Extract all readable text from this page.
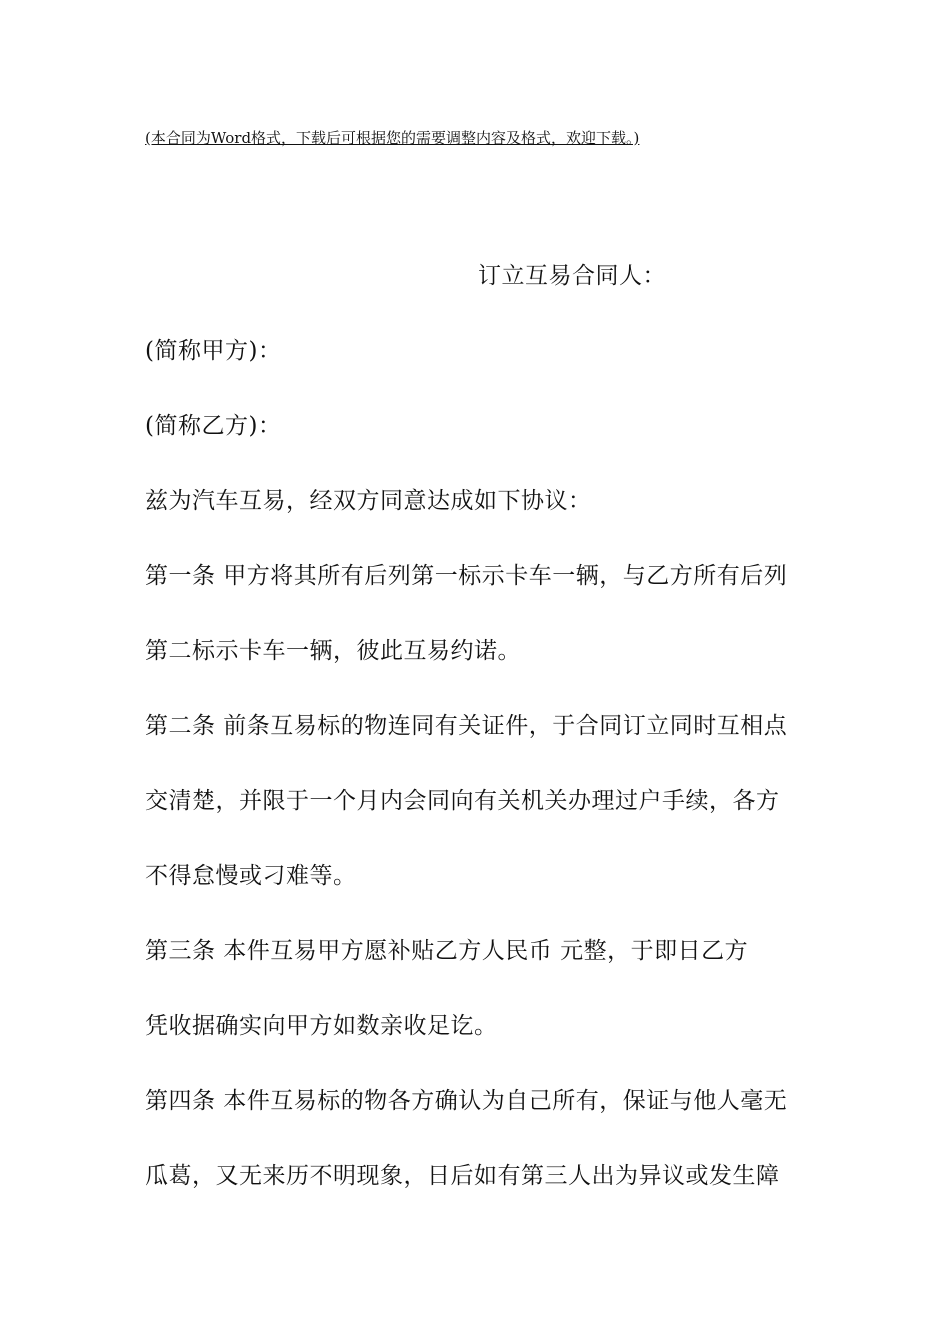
(本合同为Word格式，下载后可根据您的需要调整内容及格式，欢迎下载。)
订立互易合同人：
(简称甲方)：
(简称乙方)：
兹为汽车互易，经双方同意达成如下协议：
第一条 甲方将其所有后列第一标示卡车一辆，与乙方所有后列
第二标示卡车一辆，彼此互易约诺。
第二条 前条互易标的物连同有关证件，于合同订立同时互相点
交清楚，并限于一个月内会同向有关机关办理过户手续，各方
不得怠慢或刁难等。
第三条 本件互易甲方愿补贴乙方人民币 元整，于即日乙方
凭收据确实向甲方如数亲收足讫。
第四条 本件互易标的物各方确认为自己所有，保证与他人毫无
瓜葛，又无来历不明现象，日后如有第三人出为异议或发生障
